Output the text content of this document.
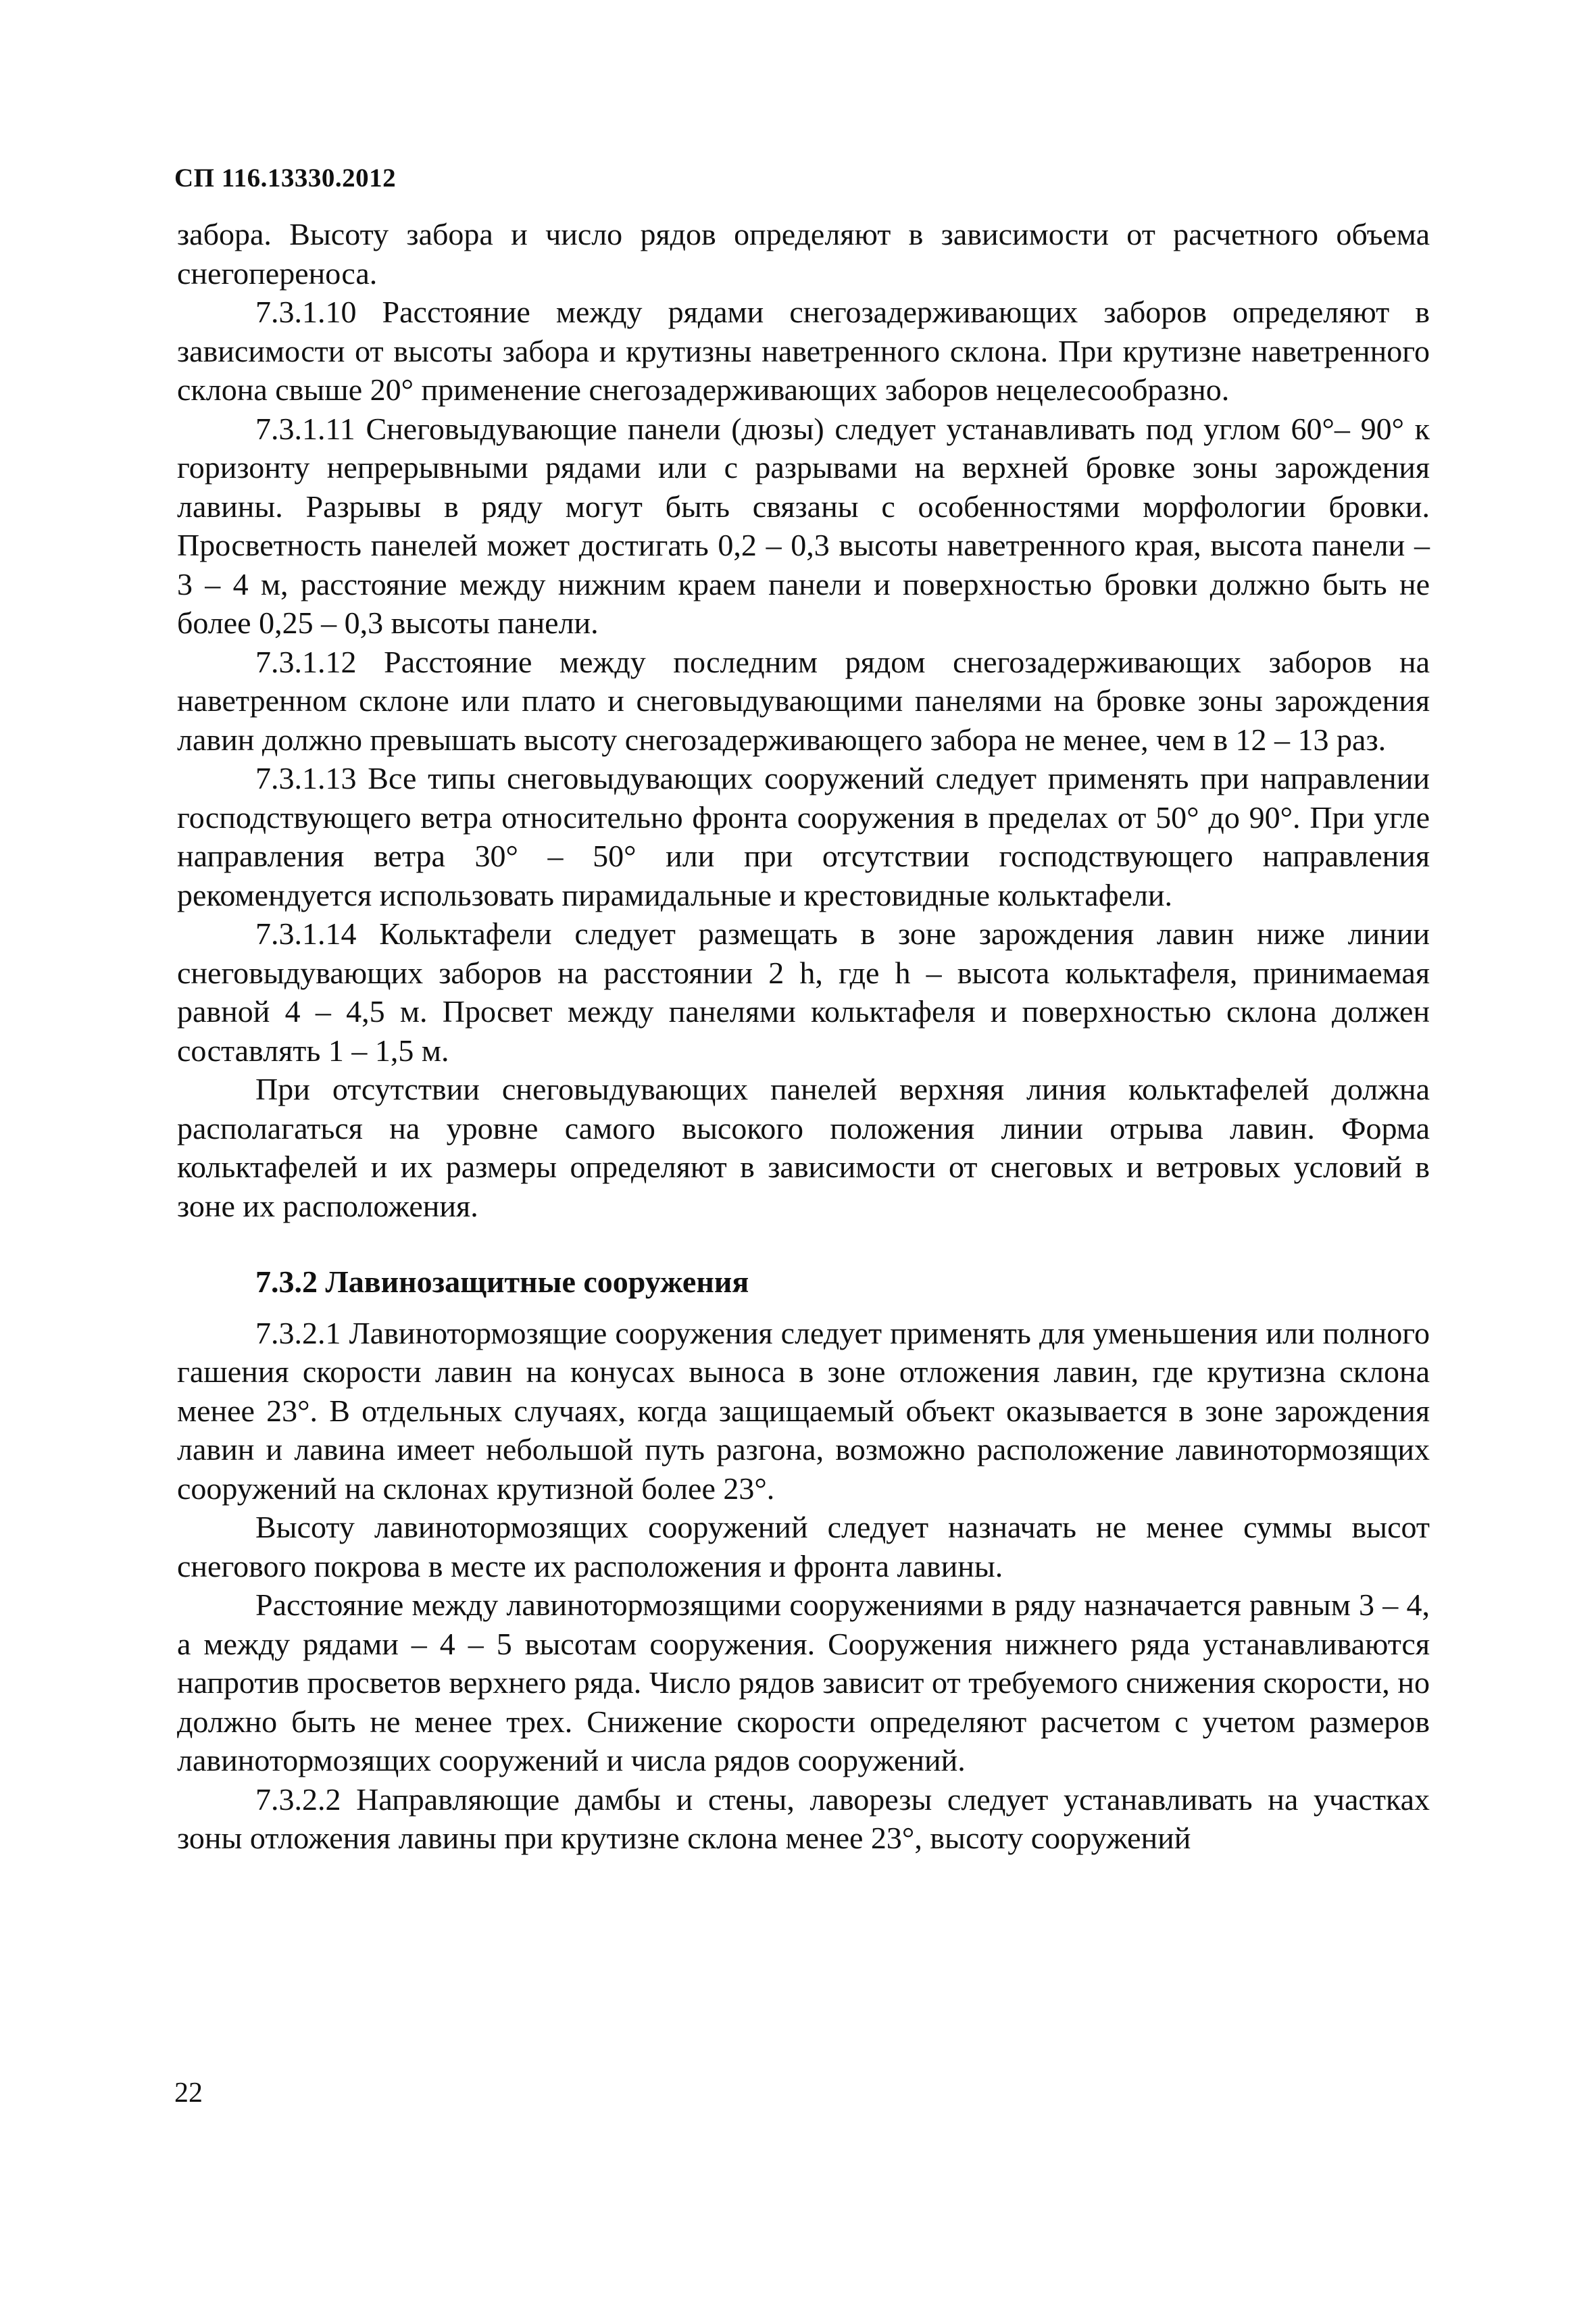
СП 116.13330.2012

забора. Высоту забора и число рядов определяют в зависимости от расчетного объема снегопереноса.

7.3.1.10 Расстояние между рядами снегозадерживающих заборов определяют в зависимости от высоты забора и крутизны наветренного склона. При крутизне наветренного склона свыше 20° применение снегозадерживающих заборов нецелесообразно.

7.3.1.11 Снеговыдувающие панели (дюзы) следует устанавливать под углом 60°– 90° к горизонту непрерывными рядами или с разрывами на верхней бровке зоны зарождения лавины. Разрывы в ряду могут быть связаны с особенностями морфологии бровки. Просветность панелей может достигать 0,2 – 0,3 высоты наветренного края, высота панели – 3 – 4 м, расстояние между нижним краем панели и поверхностью бровки должно быть не более 0,25 – 0,3 высоты панели.

7.3.1.12 Расстояние между последним рядом снегозадерживающих заборов на наветренном склоне или плато и снеговыдувающими панелями на бровке зоны зарождения лавин должно превышать высоту снегозадерживающего забора не менее, чем в 12 – 13 раз.

7.3.1.13 Все типы снеговыдувающих сооружений следует применять при направлении господствующего ветра относительно фронта сооружения в пределах от 50° до 90°. При угле направления ветра 30° – 50° или при отсутствии господствующего направления рекомендуется использовать пирамидальные и крестовидные кольктафели.

7.3.1.14 Кольктафели следует размещать в зоне зарождения лавин ниже линии снеговыдувающих заборов на расстоянии 2 h, где h – высота кольктафеля, принимаемая равной 4 – 4,5 м. Просвет между панелями кольктафеля и поверхностью склона должен составлять 1 – 1,5 м.

При отсутствии снеговыдувающих панелей верхняя линия кольктафелей должна располагаться на уровне самого высокого положения линии отрыва лавин. Форма кольктафелей и их размеры определяют в зависимости от снеговых и ветровых условий в зоне их расположения.

7.3.2 Лавинозащитные сооружения

7.3.2.1 Лавинотормозящие сооружения следует применять для уменьшения или полного гашения скорости лавин на конусах выноса в зоне отложения лавин, где крутизна склона менее 23°. В отдельных случаях, когда защищаемый объект оказывается в зоне зарождения лавин и лавина имеет небольшой путь разгона, возможно расположение лавинотормозящих сооружений на склонах крутизной более 23°.

Высоту лавинотормозящих сооружений следует назначать не менее суммы высот снегового покрова в месте их расположения и фронта лавины.

Расстояние между лавинотормозящими сооружениями в ряду назначается равным 3 – 4, а между рядами – 4 – 5 высотам сооружения. Сооружения нижнего ряда устанавливаются напротив просветов верхнего ряда. Число рядов зависит от требуемого снижения скорости, но должно быть не менее трех. Снижение скорости определяют расчетом с учетом размеров лавинотормозящих сооружений и числа рядов сооружений.

7.3.2.2 Направляющие дамбы и стены, лаворезы следует устанавливать на участках зоны отложения лавины при крутизне склона менее 23°, высоту сооружений

22
